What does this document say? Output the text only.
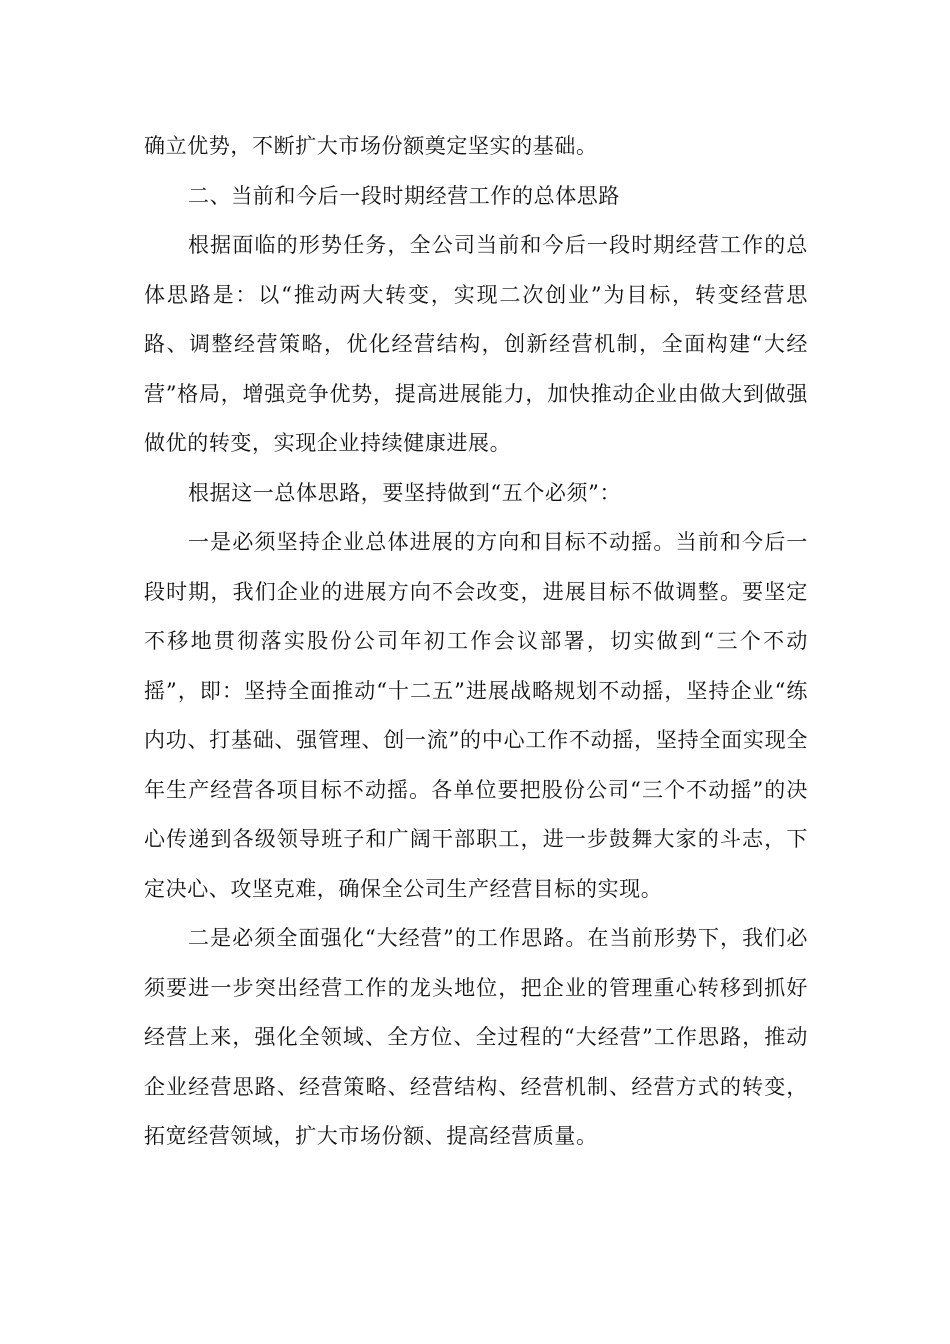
确立优势，不断扩大市场份额奠定坚实的基础。

二、当前和今后一段时期经营工作的总体思路

根据面临的形势任务，全公司当前和今后一段时期经营工作的总体思路是：以“推动两大转变，实现二次创业”为目标，转变经营思路、调整经营策略，优化经营结构，创新经营机制，全面构建“大经营”格局，增强竞争优势，提高进展能力，加快推动企业由做大到做强做优的转变，实现企业持续健康进展。

根据这一总体思路，要坚持做到“五个必须”：

一是必须坚持企业总体进展的方向和目标不动摇。当前和今后一段时期，我们企业的进展方向不会改变，进展目标不做调整。要坚定不移地贯彻落实股份公司年初工作会议部署，切实做到“三个不动摇”，即：坚持全面推动“十二五”进展战略规划不动摇，坚持企业“练内功、打基础、强管理、创一流”的中心工作不动摇，坚持全面实现全年生产经营各项目标不动摇。各单位要把股份公司“三个不动摇”的决心传递到各级领导班子和广阔干部职工，进一步鼓舞大家的斗志，下定决心、攻坚克难，确保全公司生产经营目标的实现。

二是必须全面强化“大经营”的工作思路。在当前形势下，我们必须要进一步突出经营工作的龙头地位，把企业的管理重心转移到抓好经营上来，强化全领域、全方位、全过程的“大经营”工作思路，推动企业经营思路、经营策略、经营结构、经营机制、经营方式的转变，拓宽经营领域，扩大市场份额、提高经营质量。
